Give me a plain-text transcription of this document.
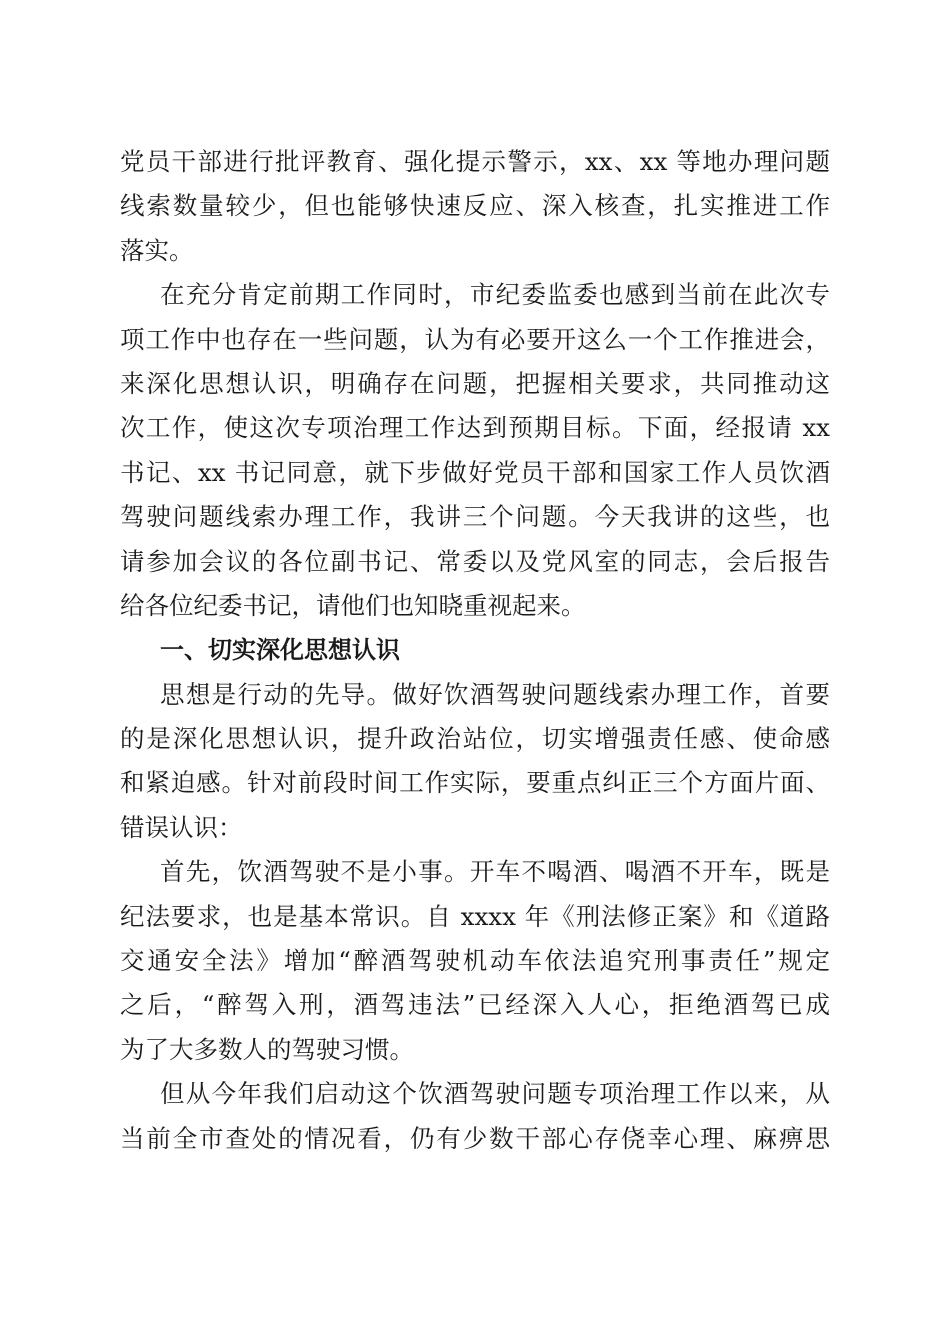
党员干部进行批评教育、强化提示警示，xx、xx 等地办理问题
线索数量较少，但也能够快速反应、深入核查，扎实推进工作
落实。
在充分肯定前期工作同时，市纪委监委也感到当前在此次专
项工作中也存在一些问题，认为有必要开这么一个工作推进会，
来深化思想认识，明确存在问题，把握相关要求，共同推动这
次工作，使这次专项治理工作达到预期目标。下面，经报请 xx
书记、xx 书记同意，就下步做好党员干部和国家工作人员饮酒
驾驶问题线索办理工作，我讲三个问题。今天我讲的这些，也
请参加会议的各位副书记、常委以及党风室的同志，会后报告
给各位纪委书记，请他们也知晓重视起来。
一、切实深化思想认识
思想是行动的先导。做好饮酒驾驶问题线索办理工作，首要
的是深化思想认识，提升政治站位，切实增强责任感、使命感
和紧迫感。针对前段时间工作实际，要重点纠正三个方面片面、
错误认识：
首先，饮酒驾驶不是小事。开车不喝酒、喝酒不开车，既是
纪法要求，也是基本常识。自 xxxx 年《刑法修正案》和《道路
交通安全法》增加“醉酒驾驶机动车依法追究刑事责任”规定
之后，“醉驾入刑，酒驾违法”已经深入人心，拒绝酒驾已成
为了大多数人的驾驶习惯。
但从今年我们启动这个饮酒驾驶问题专项治理工作以来，从
当前全市查处的情况看，仍有少数干部心存侥幸心理、麻痹思
